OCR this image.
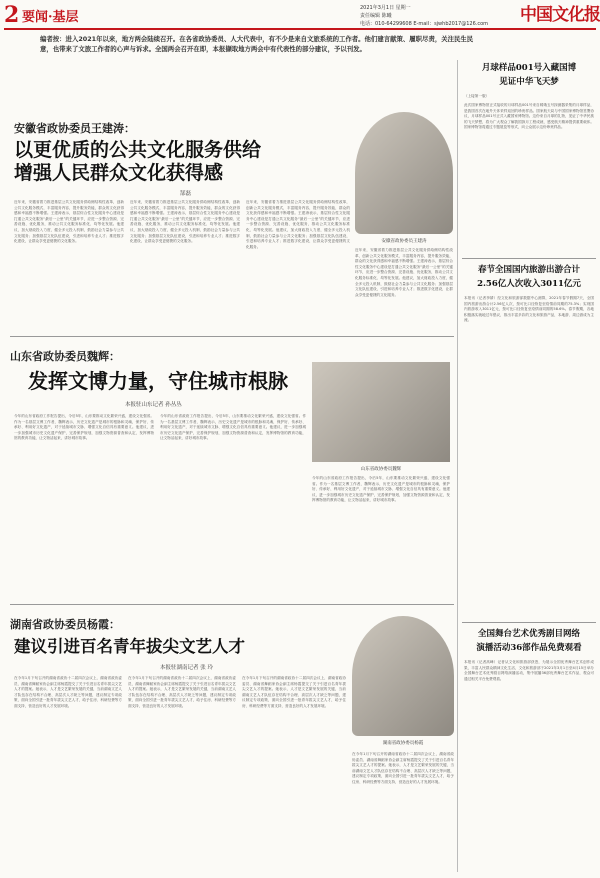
2 要闻·基层
2021年3月1日 星期一
责任编辑 陈曦
电话：010-64299608 E-mail：sjwhb2017@126.com	中国文化报
编者按：进入2021年以来，地方两会陆续召开。在各省政协委员、人大代表中，有不少是来自文旅系统的工作者。他们建言献策、履职尽责，关注民生民意，也带来了文旅工作者的心声与诉求。全国两会召开在即，本报撷取地方两会中有代表性的部分建议，予以刊发。
安徽省政协委员王建涛：
以更优质的公共文化服务供给
增强人民群众文化获得感
郜磊
安徽省政协委员王建涛
近年来，安徽省着力推进基层公共文化服务供给侧结构性改革，创新公共文化服务模式，丰富服务内容，提升服务效能，群众的文化获得感和幸福感不断增强。王建涛表示，基层综合性文化服务中心建设是打通公共文化服务“最后一公里”的关键环节，应进一步整合资源、完善设施、优化服务，推动公共文化服务标准化、均等化发展。他建议，加大财政投入力度，健全多元投入机制，鼓励社会力量参与公共文化服务；加强基层文化队伍建设，引进和培养专业人才；推进数字化建设，让群众享受更便捷的文化服务。
近年来，安徽省着力推进基层公共文化服务供给侧结构性改革，创新公共文化服务模式，丰富服务内容，提升服务效能，群众的文化获得感和幸福感不断增强。王建涛表示，基层综合性文化服务中心建设是打通公共文化服务“最后一公里”的关键环节，应进一步整合资源、完善设施、优化服务，推动公共文化服务标准化、均等化发展。他建议，加大财政投入力度，健全多元投入机制，鼓励社会力量参与公共文化服务；加强基层文化队伍建设，引进和培养专业人才；推进数字化建设，让群众享受更便捷的文化服务。
近年来，安徽省着力推进基层公共文化服务供给侧结构性改革，创新公共文化服务模式，丰富服务内容，提升服务效能，群众的文化获得感和幸福感不断增强。王建涛表示，基层综合性文化服务中心建设是打通公共文化服务“最后一公里”的关键环节，应进一步整合资源、完善设施、优化服务，推动公共文化服务标准化、均等化发展。他建议，加大财政投入力度，健全多元投入机制，鼓励社会力量参与公共文化服务；加强基层文化队伍建设，引进和培养专业人才；推进数字化建设，让群众享受更便捷的文化服务。
近年来，安徽省着力推进基层公共文化服务供给侧结构性改革，创新公共文化服务模式，丰富服务内容，提升服务效能，群众的文化获得感和幸福感不断增强。王建涛表示，基层综合性文化服务中心建设是打通公共文化服务“最后一公里”的关键环节，应进一步整合资源、完善设施、优化服务，推动公共文化服务标准化、均等化发展。他建议，加大财政投入力度，健全多元投入机制，鼓励社会力量参与公共文化服务；加强基层文化队伍建设，引进和培养专业人才；推进数字化建设，让群众享受更便捷的文化服务。
山东省政协委员魏辉：
发挥文博力量，守住城市根脉
本报驻山东记者 孙丛丛
山东省政协委员魏辉
今年的山东省政府工作报告提出，今后5年，山东要推动文化繁荣兴盛，建设文化强省。作为一名基层文博工作者，魏辉表示，历史文化遗产是城市的根脉和灵魂，保护好、传承好、利用好文化遗产，对于延续城市文脉、增强文化自信具有重要意义。他建议，进一步加强城市历史文化遗产保护，完善保护规划，加强文物资源普查和认定，发挥博物馆的教育功能，让文物活起来，讲好城市故事。
今年的山东省政府工作报告提出，今后5年，山东要推动文化繁荣兴盛，建设文化强省。作为一名基层文博工作者，魏辉表示，历史文化遗产是城市的根脉和灵魂，保护好、传承好、利用好文化遗产，对于延续城市文脉、增强文化自信具有重要意义。他建议，进一步加强城市历史文化遗产保护，完善保护规划，加强文物资源普查和认定，发挥博物馆的教育功能，让文物活起来，讲好城市故事。
今年的山东省政府工作报告提出，今后5年，山东要推动文化繁荣兴盛，建设文化强省。作为一名基层文博工作者，魏辉表示，历史文化遗产是城市的根脉和灵魂，保护好、传承好、利用好文化遗产，对于延续城市文脉、增强文化自信具有重要意义。他建议，进一步加强城市历史文化遗产保护，完善保护规划，加强文物资源普查和认定，发挥博物馆的教育功能，让文物活起来，讲好城市故事。
湖南省政协委员杨霞：
建议引进百名青年拔尖文艺人才
本报驻湖南记者 张 玲
湖南省政协委员杨霞
在今年1月下旬召开的湖南省政协十二届四次会议上，湖南省政协委员、湖南省舞蹈家协会副主席杨霞提交了关于引进百名青年拔尖文艺人才的提案。她表示，人才是文艺繁荣发展的关键，当前湖南文艺人才队伍存在结构不合理、高层次人才缺乏等问题，建议制定专项政策，面向全国引进一批青年拔尖文艺人才，给予住房、科研经费等方面支持，营造良好的人才发展环境。
在今年1月下旬召开的湖南省政协十二届四次会议上，湖南省政协委员、湖南省舞蹈家协会副主席杨霞提交了关于引进百名青年拔尖文艺人才的提案。她表示，人才是文艺繁荣发展的关键，当前湖南文艺人才队伍存在结构不合理、高层次人才缺乏等问题，建议制定专项政策，面向全国引进一批青年拔尖文艺人才，给予住房、科研经费等方面支持，营造良好的人才发展环境。
在今年1月下旬召开的湖南省政协十二届四次会议上，湖南省政协委员、湖南省舞蹈家协会副主席杨霞提交了关于引进百名青年拔尖文艺人才的提案。她表示，人才是文艺繁荣发展的关键，当前湖南文艺人才队伍存在结构不合理、高层次人才缺乏等问题，建议制定专项政策，面向全国引进一批青年拔尖文艺人才，给予住房、科研经费等方面支持，营造良好的人才发展环境。
在今年1月下旬召开的湖南省政协十二届四次会议上，湖南省政协委员、湖南省舞蹈家协会副主席杨霞提交了关于引进百名青年拔尖文艺人才的提案。她表示，人才是文艺繁荣发展的关键，当前湖南文艺人才队伍存在结构不合理、高层次人才缺乏等问题，建议制定专项政策，面向全国引进一批青年拔尖文艺人才，给予住房、科研经费等方面支持，营造良好的人才发展环境。
月球样品001号入藏国博
见证中华飞天梦
（上接第一版）
此次国家博物馆正式接收的月球样品001号来自嫦娥五号探测器采集的月球样品，是我国首次在地外天体采样返回的珍贵样品。国家航天局与中国国家博物馆签署协议，月球样品001号正式入藏国家博物馆。这份来自月球的礼物，见证了中华民族的飞天梦想，将为广大观众了解我国探月工程成就、感受航天精神提供重要载体。国家博物馆将通过专题展览等形式，向公众展示这份珍贵样品。
春节全国国内旅游出游合计
2.56亿人次收入3011亿元
本报讯（记者李婧）经文化和旅游部数据中心测算，2021年春节假期7天，全国国内旅游出游合计2.56亿人次，按可比口径恢复至疫情前同期的75.3%；实现国内旅游收入3011亿元，按可比口径恢复至疫情前同期的58.6%。春节假期，各地积极落实就地过年倡议，推出丰富多彩的文化和旅游产品，本地游、周边游成为主流。
全国舞台艺术优秀剧目网络
演播活动36部作品免费观看
本报讯（记者高峰）记者从文化和旅游部获悉，为展示全国优秀舞台艺术创作成果，丰富人民群众精神文化生活，文化和旅游部于2021年3月1日至4月15日举办全国舞台艺术优秀剧目网络演播活动，集中展播36部优秀舞台艺术作品，观众可通过相关平台免费观看。
